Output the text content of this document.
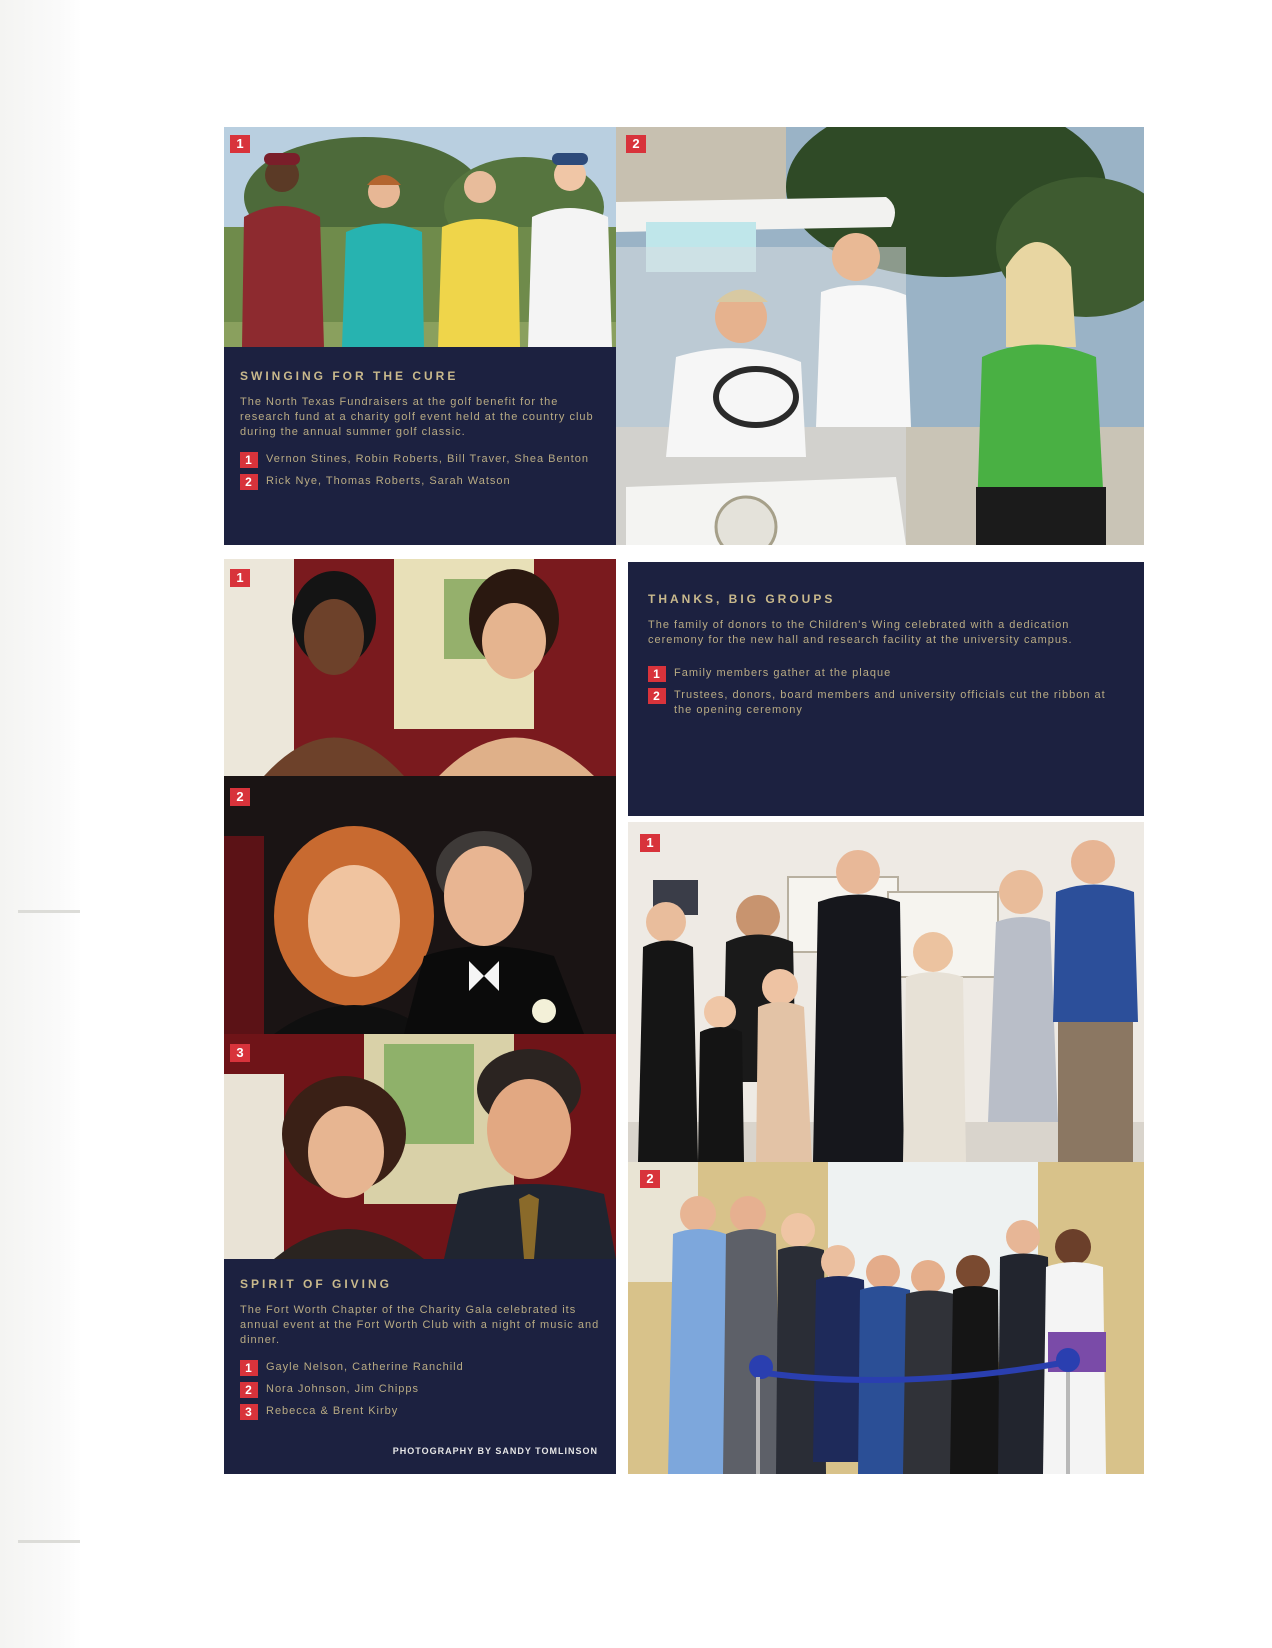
1
SWINGING FOR THE CURE

The North Texas Fundraisers at the golf benefit for the research fund at a charity golf event held at the country club during the annual summer golf classic.

1	Vernon Stines, Robin Roberts, Bill Traver, Shea Benton
2	Rick Nye, Thomas Roberts, Sarah Watson
2
1
2
3
SPIRIT OF GIVING

The Fort Worth Chapter of the Charity Gala celebrated its annual event at the Fort Worth Club with a night of music and dinner.

1	Gayle Nelson, Catherine Ranchild
2	Nora Johnson, Jim Chipps
3	Rebecca & Brent Kirby
PHOTOGRAPHY BY SANDY TOMLINSON
THANKS, BIG GROUPS

The family of donors to the Children's Wing celebrated with a dedication ceremony for the new hall and research facility at the university campus.

1	Family members gather at the plaque
2	Trustees, donors, board members and university officials cut the ribbon at the opening ceremony
1
2
